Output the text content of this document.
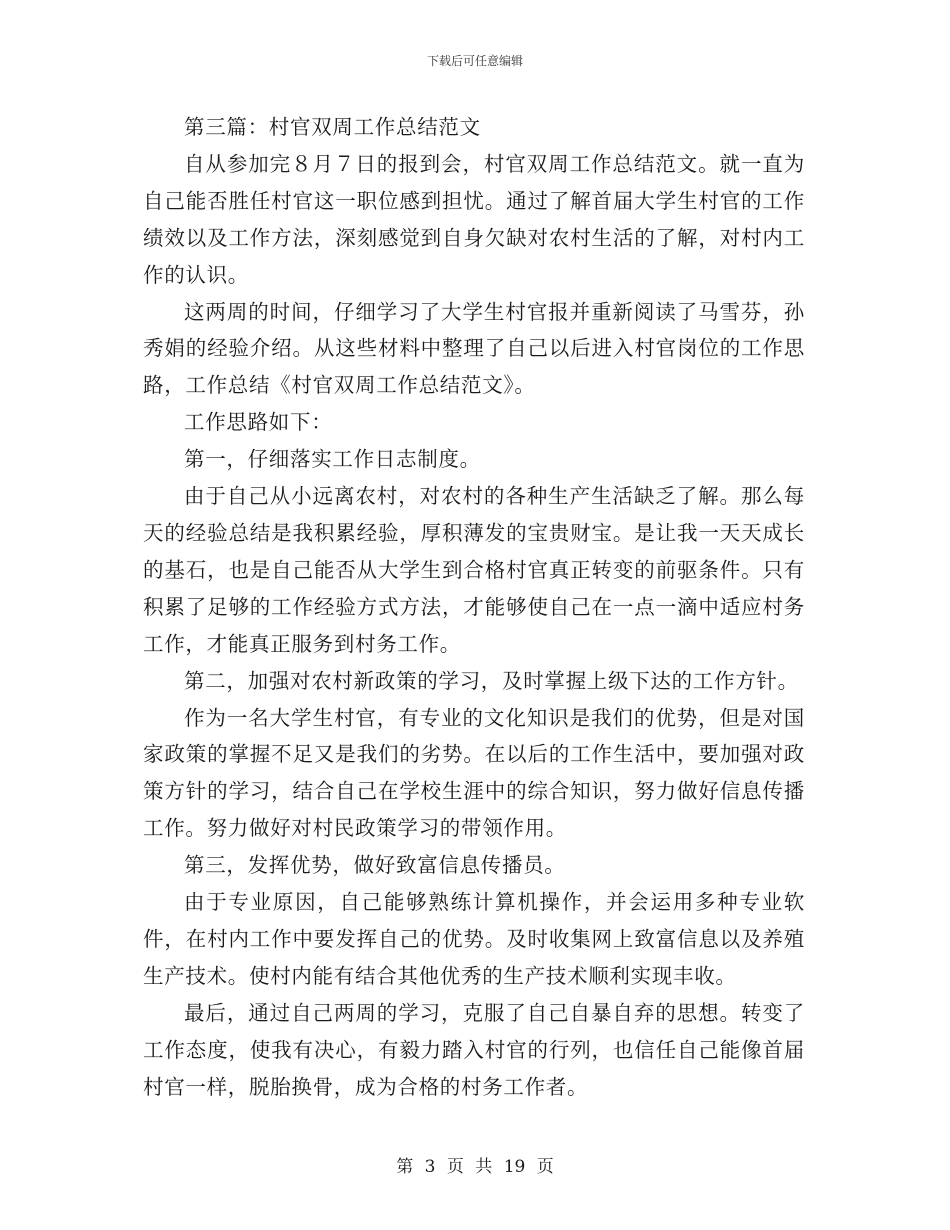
下载后可任意编辑

第三篇：村官双周工作总结范文

自从参加完８月７日的报到会，村官双周工作总结范文。就一直为自己能否胜任村官这一职位感到担忧。通过了解首届大学生村官的工作绩效以及工作方法，深刻感觉到自身欠缺对农村生活的了解，对村内工作的认识。

这两周的时间，仔细学习了大学生村官报并重新阅读了马雪芬，孙秀娟的经验介绍。从这些材料中整理了自己以后进入村官岗位的工作思路，工作总结《村官双周工作总结范文》。

工作思路如下：

第一，仔细落实工作日志制度。

由于自己从小远离农村，对农村的各种生产生活缺乏了解。那么每天的经验总结是我积累经验，厚积薄发的宝贵财宝。是让我一天天成长的基石，也是自己能否从大学生到合格村官真正转变的前驱条件。只有积累了足够的工作经验方式方法，才能够使自己在一点一滴中适应村务工作，才能真正服务到村务工作。

第二，加强对农村新政策的学习，及时掌握上级下达的工作方针。

作为一名大学生村官，有专业的文化知识是我们的优势，但是对国家政策的掌握不足又是我们的劣势。在以后的工作生活中，要加强对政策方针的学习，结合自己在学校生涯中的综合知识，努力做好信息传播工作。努力做好对村民政策学习的带领作用。

第三，发挥优势，做好致富信息传播员。

由于专业原因，自己能够熟练计算机操作，并会运用多种专业软件，在村内工作中要发挥自己的优势。及时收集网上致富信息以及养殖生产技术。使村内能有结合其他优秀的生产技术顺利实现丰收。

最后，通过自己两周的学习，克服了自己自暴自弃的思想。转变了工作态度，使我有决心，有毅力踏入村官的行列，也信任自己能像首届村官一样，脱胎换骨，成为合格的村务工作者。

第 3 页 共 19 页
